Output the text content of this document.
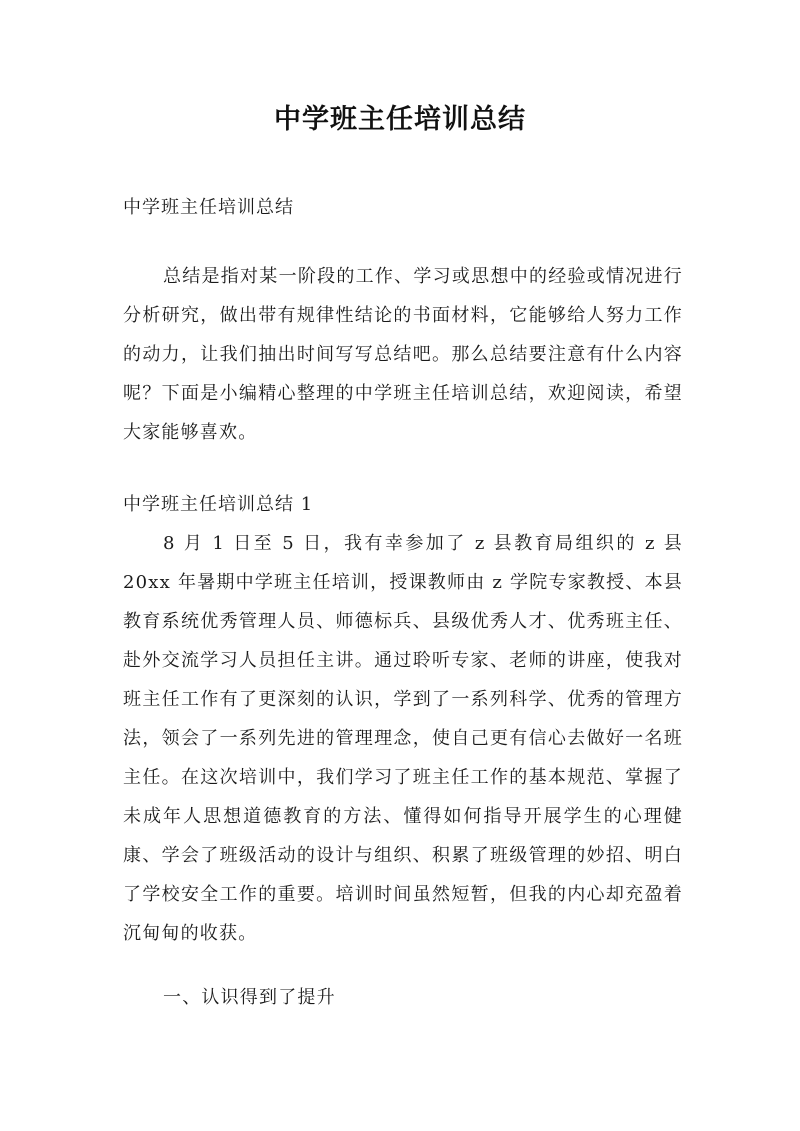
中学班主任培训总结
中学班主任培训总结
总结是指对某一阶段的工作、学习或思想中的经验或情况进行分析研究，做出带有规律性结论的书面材料，它能够给人努力工作的动力，让我们抽出时间写写总结吧。那么总结要注意有什么内容呢？下面是小编精心整理的中学班主任培训总结，欢迎阅读，希望大家能够喜欢。
中学班主任培训总结 1
8 月 1 日至 5 日，我有幸参加了 z 县教育局组织的 z 县 20xx 年暑期中学班主任培训，授课教师由 z 学院专家教授、本县教育系统优秀管理人员、师德标兵、县级优秀人才、优秀班主任、赴外交流学习人员担任主讲。通过聆听专家、老师的讲座，使我对班主任工作有了更深刻的认识，学到了一系列科学、优秀的管理方法，领会了一系列先进的管理理念，使自己更有信心去做好一名班主任。在这次培训中，我们学习了班主任工作的基本规范、掌握了未成年人思想道德教育的方法、懂得如何指导开展学生的心理健康、学会了班级活动的设计与组织、积累了班级管理的妙招、明白了学校安全工作的重要。培训时间虽然短暂，但我的内心却充盈着沉甸甸的收获。
一、认识得到了提升
